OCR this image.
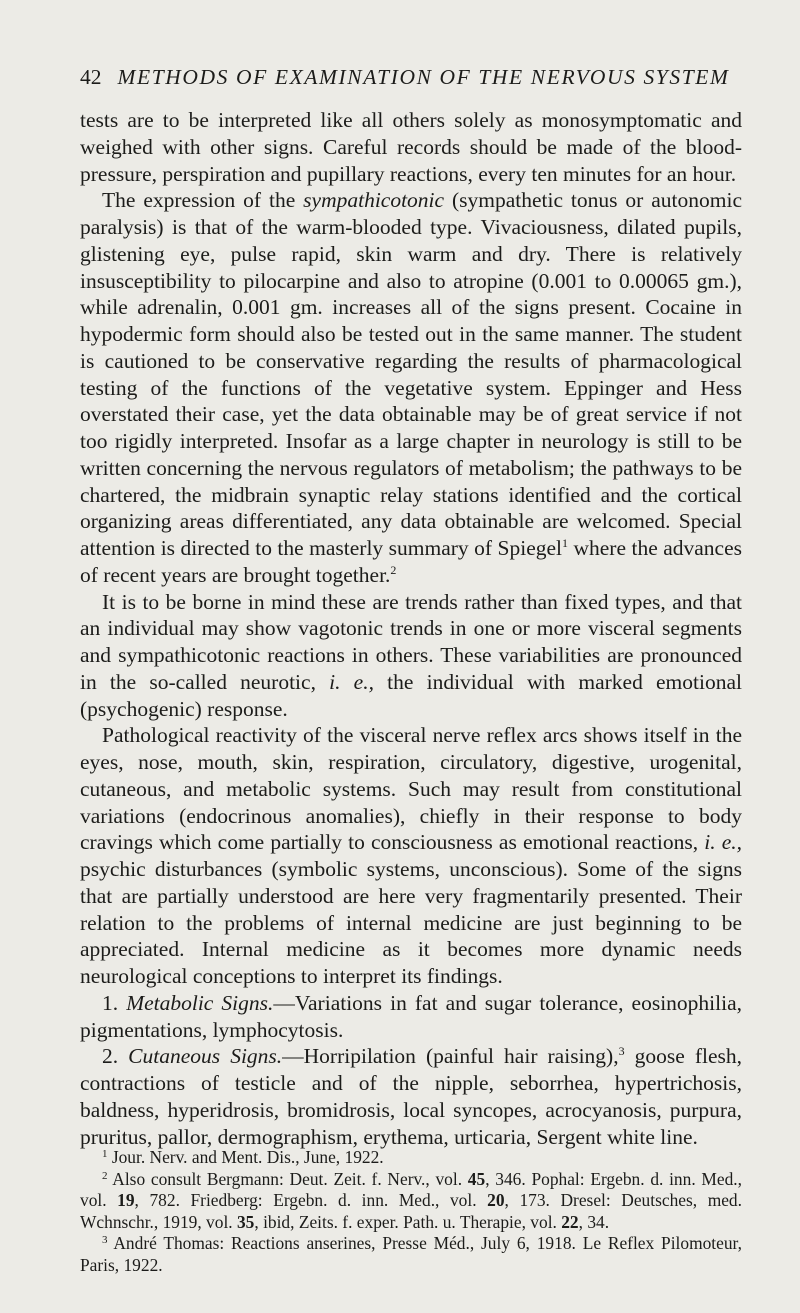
42 METHODS OF EXAMINATION OF THE NERVOUS SYSTEM

tests are to be interpreted like all others solely as monosymptomatic and weighed with other signs. Careful records should be made of the blood-pressure, perspiration and pupillary reactions, every ten minutes for an hour.

The expression of the sympathicotonic (sympathetic tonus or autonomic paralysis) is that of the warm-blooded type. Vivaciousness, dilated pupils, glistening eye, pulse rapid, skin warm and dry. There is relatively insusceptibility to pilocarpine and also to atropine (0.001 to 0.00065 gm.), while adrenalin, 0.001 gm. increases all of the signs present. Cocaine in hypodermic form should also be tested out in the same manner. The student is cautioned to be conservative regarding the results of pharmacological testing of the functions of the vegetative system. Eppinger and Hess overstated their case, yet the data obtainable may be of great service if not too rigidly interpreted. Insofar as a large chapter in neurology is still to be written concerning the nervous regulators of metabolism; the pathways to be chartered, the midbrain synaptic relay stations identified and the cortical organizing areas differentiated, any data obtainable are welcomed. Special attention is directed to the masterly summary of Spiegel$^1$ where the advances of recent years are brought together.$^2$

It is to be borne in mind these are trends rather than fixed types, and that an individual may show vagotonic trends in one or more visceral segments and sympathicotonic reactions in others. These variabilities are pronounced in the so-called neurotic, i. e., the individual with marked emotional (psychogenic) response.

Pathological reactivity of the visceral nerve reflex arcs shows itself in the eyes, nose, mouth, skin, respiration, circulatory, digestive, urogenital, cutaneous, and metabolic systems. Such may result from constitutional variations (endocrinous anomalies), chiefly in their response to body cravings which come partially to consciousness as emotional reactions, i. e., psychic disturbances (symbolic systems, unconscious). Some of the signs that are partially understood are here very fragmentarily presented. Their relation to the problems of internal medicine are just beginning to be appreciated. Internal medicine as it becomes more dynamic needs neurological conceptions to interpret its findings.

1. Metabolic Signs.—Variations in fat and sugar tolerance, eosinophilia, pigmentations, lymphocytosis.

2. Cutaneous Signs.—Horripilation (painful hair raising),$^3$ goose flesh, contractions of testicle and of the nipple, seborrhea, hypertrichosis, baldness, hyperidrosis, bromidrosis, local syncopes, acrocyanosis, purpura, pruritus, pallor, dermographism, erythema, urticaria, Sergent white line.

$^1$ Jour. Nerv. and Ment. Dis., June, 1922.

$^2$ Also consult Bergmann: Deut. Zeit. f. Nerv., vol. 45, 346. Pophal: Ergebn. d. inn. Med., vol. 19, 782. Friedberg: Ergebn. d. inn. Med., vol. 20, 173. Dresel: Deutsches, med. Wchnschr., 1919, vol. 35, ibid, Zeits. f. exper. Path. u. Therapie, vol. 22, 34.

$^3$ André Thomas: Reactions anserines, Presse Méd., July 6, 1918. Le Reflex Pilomoteur, Paris, 1922.
